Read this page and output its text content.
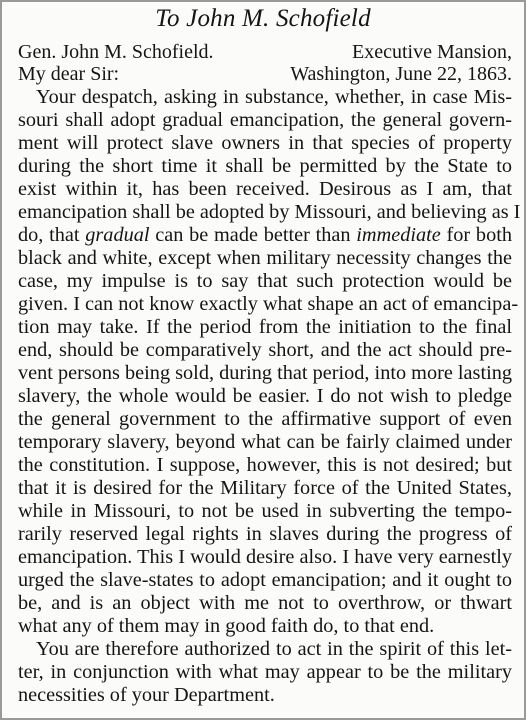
To John M. Schofield
Gen. John M. Schofield.	Executive Mansion,
My dear Sir:	Washington, June 22, 1863.
Your despatch, asking in substance, whether, in case Mis-
souri shall adopt gradual emancipation, the general govern-
ment will protect slave owners in that species of property
during the short time it shall be permitted by the State to
exist within it, has been received. Desirous as I am, that
emancipation shall be adopted by Missouri, and believing as I
do, that gradual can be made better than immediate for both
black and white, except when military necessity changes the
case, my impulse is to say that such protection would be
given. I can not know exactly what shape an act of emancipa-
tion may take. If the period from the initiation to the final
end, should be comparatively short, and the act should pre-
vent persons being sold, during that period, into more lasting
slavery, the whole would be easier. I do not wish to pledge
the general government to the affirmative support of even
temporary slavery, beyond what can be fairly claimed under
the constitution. I suppose, however, this is not desired; but
that it is desired for the Military force of the United States,
while in Missouri, to not be used in subverting the tempo-
rarily reserved legal rights in slaves during the progress of
emancipation. This I would desire also. I have very earnestly
urged the slave-states to adopt emancipation; and it ought to
be, and is an object with me not to overthrow, or thwart
what any of them may in good faith do, to that end.
You are therefore authorized to act in the spirit of this let-
ter, in conjunction with what may appear to be the military
necessities of your Department.
